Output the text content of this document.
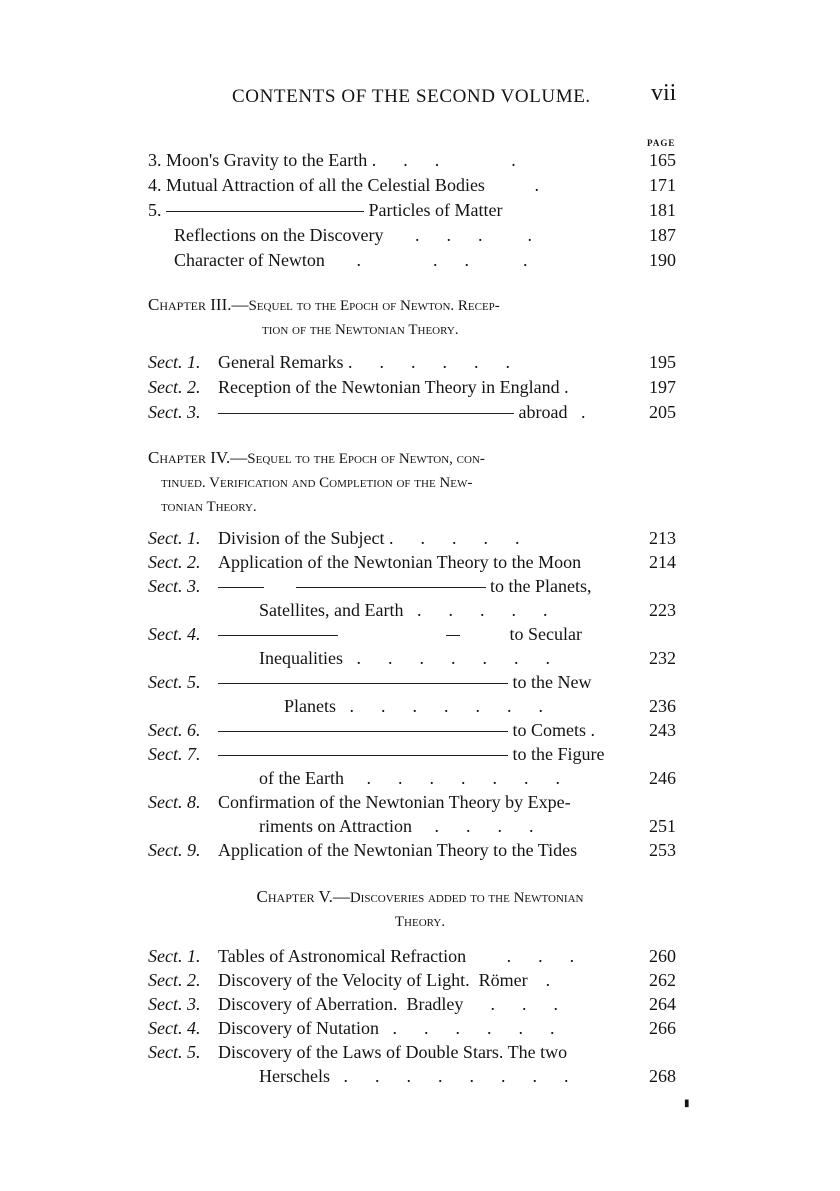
CONTENTS OF THE SECOND VOLUME.	vii
PAGE
3. Moon's Gravity to the Earth .      .      .                .	165
4. Mutual Attraction of all the Celestial Bodies	.	171
5.	Particles of Matter	181
Reflections on the Discovery .      .      .          .	187
Character of Newton .                .      .            .	190
Chapter III.—Sequel to the Epoch of Newton. Recep-
tion of the Newtonian Theory.
Sect. 1. General Remarks .      .      .      .      .      .	195
Sect. 2. Reception of the Newtonian Theory in England .	197
Sect. 3.	abroad .	205
Chapter IV.—Sequel to the Epoch of Newton, con-
tinued. Verification and Completion of the New-
tonian Theory.
Sect. 1. Division of the Subject .      .      .      .      .	213
Sect. 2. Application of the Newtonian Theory to the Moon	214
Sect. 3.	to the Planets,
Satellites, and Earth .      .      .      .      .	223
Sect. 4.	to Secular
Inequalities .      .      .      .      .      .      .	232
Sect. 5.	to the New
Planets .      .      .      .      .      .      .	236
Sect. 6.	to Comets .	243
Sect. 7.	to the Figure
of the Earth .      .      .      .      .      .      .	246
Sect. 8. Confirmation of the Newtonian Theory by Expe-
riments on Attraction .      .      .      .	251
Sect. 9. Application of the Newtonian Theory to the Tides	253
Chapter V.—Discoveries added to the Newtonian
Theory.
Sect. 1. Tables of Astronomical Refraction .      .      .	260
Sect. 2. Discovery of the Velocity of Light.  Römer .	262
Sect. 3. Discovery of Aberration.  Bradley .      .      .	264
Sect. 4. Discovery of Nutation .      .      .      .      .      .	266
Sect. 5. Discovery of the Laws of Double Stars. The two
Herschels .      .      .      .      .      .      .      .	268
▮
